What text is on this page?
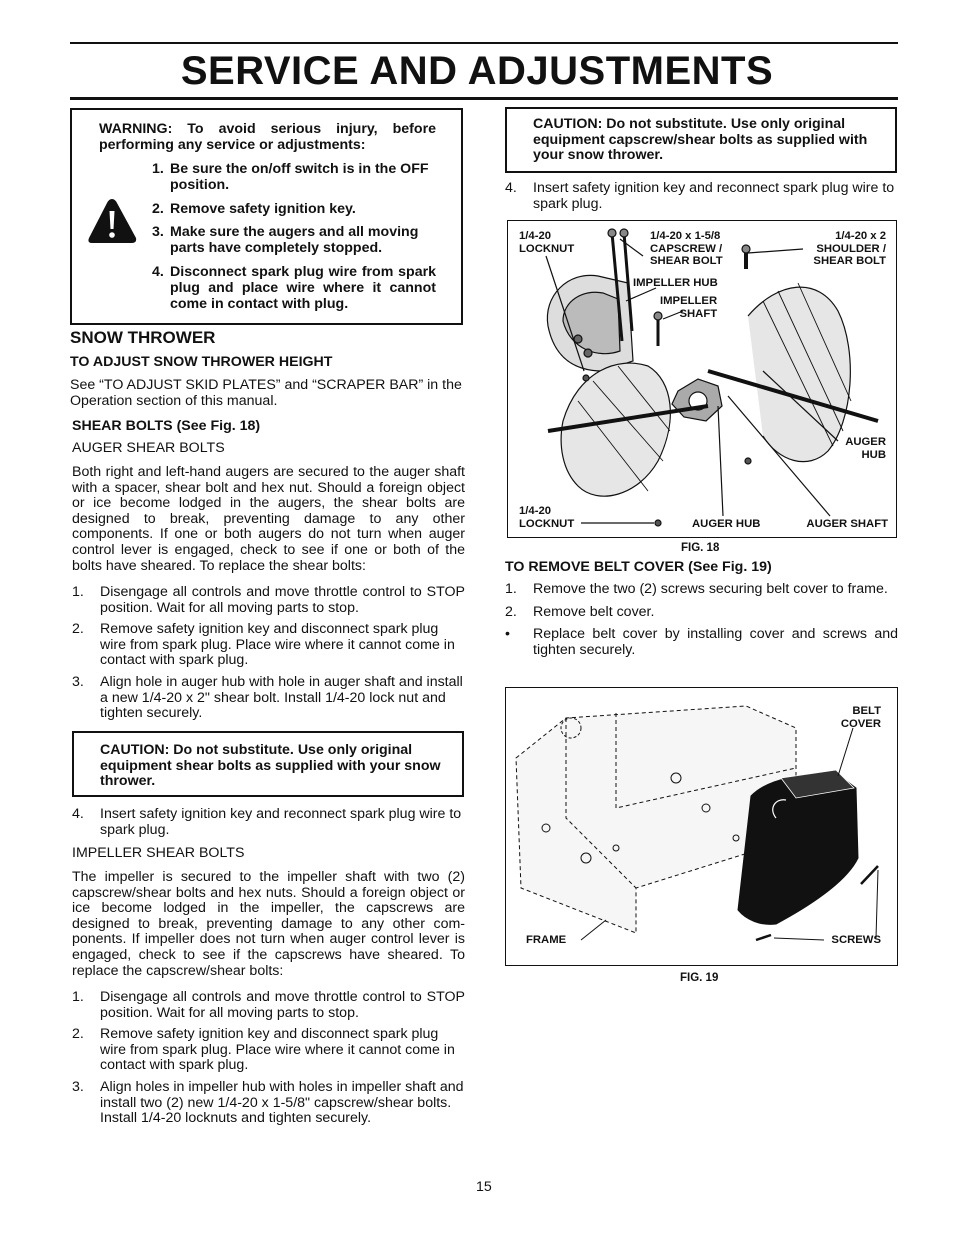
SERVICE AND ADJUSTMENTS
WARNING: To avoid serious injury, before performing any service or adjustments:
1. Be sure the on/off switch is in the OFF position.
2. Remove safety ignition key.
3. Make sure the augers and all moving parts have completely stopped.
4. Disconnect spark plug wire from spark plug and place wire where it cannot come in contact with plug.
SNOW THROWER
TO ADJUST SNOW THROWER HEIGHT
See “TO ADJUST SKID PLATES” and “SCRAPER BAR” in the Operation section of this manual.
SHEAR BOLTS (See Fig. 18)
AUGER SHEAR BOLTS
Both right and left-hand augers are secured to the auger shaft with a spacer, shear bolt and hex nut. Should a foreign object or ice become lodged in the augers, the shear bolts are designed to break, preventing damage to any other components. If one or both augers do not turn when auger control lever is engaged, check to see if one or both of the bolts have sheared. To replace the shear bolts:
1. Disengage all controls and move throttle control to STOP position. Wait for all moving parts to stop.
2. Remove safety ignition key and disconnect spark plug wire from spark plug. Place wire where it cannot come in contact with spark plug.
3. Align hole in auger hub with hole in auger shaft and install a new 1/4-20 x 2" shear bolt. Install 1/4-20 lock nut and tighten securely.
CAUTION: Do not substitute. Use only original equipment shear bolts as supplied with your snow thrower.
4. Insert safety ignition key and reconnect spark plug wire to spark plug.
IMPELLER SHEAR BOLTS
The impeller is secured to the impeller shaft with two (2) capscrew/shear bolts and hex nuts. Should a foreign object or ice become lodged in the impeller, the capscrews are designed to break, preventing damage to any other com-ponents. If impeller does not turn when auger control lever is engaged, check to see if the capscrews have sheared. To replace the capscrew/shear bolts:
1. Disengage all controls and move throttle control to STOP position. Wait for all moving parts to stop.
2. Remove safety ignition key and disconnect spark plug wire from spark plug. Place wire where it cannot come in contact with spark plug.
3. Align holes in impeller hub with holes in impeller shaft and install two (2) new 1/4-20 x 1-5/8" capscrew/shear bolts. Install 1/4-20 locknuts and tighten securely.
CAUTION: Do not substitute. Use only original equipment capscrew/shear bolts as supplied with your snow thrower.
4. Insert safety ignition key and reconnect spark plug wire to spark plug.
1/4-20
LOCKNUT
1/4-20 x 1-5/8
CAPSCREW /
SHEAR BOLT
1/4-20 x 2
SHOULDER /
SHEAR BOLT
IMPELLER HUB
IMPELLER
SHAFT
AUGER
HUB
1/4-20
LOCKNUT	AUGER HUB	AUGER SHAFT
FIG. 18
TO REMOVE BELT COVER (See Fig. 19)
1. Remove the two (2) screws securing belt cover to frame.
2. Remove belt cover.
• Replace belt cover by installing cover and screws and tighten securely.
BELT
COVER
FRAME	SCREWS
FIG. 19
15
